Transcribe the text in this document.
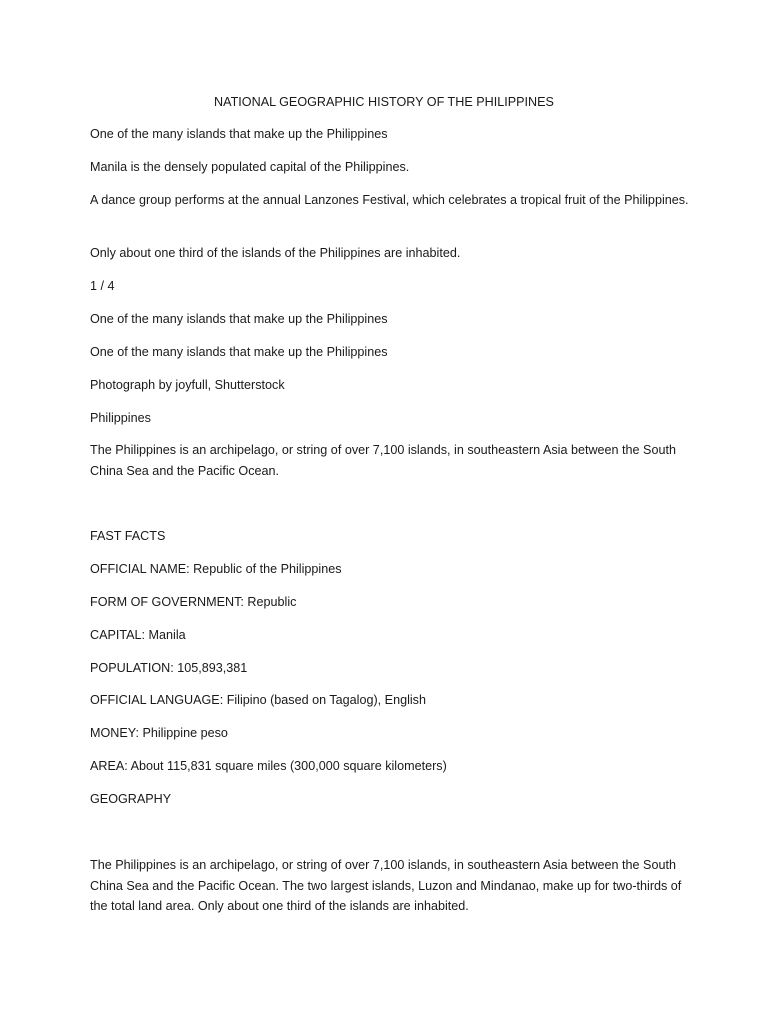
NATIONAL GEOGRAPHIC HISTORY OF THE PHILIPPINES

One of the many islands that make up the Philippines

Manila is the densely populated capital of the Philippines.

A dance group performs at the annual Lanzones Festival, which celebrates a tropical fruit of the Philippines.

Only about one third of the islands of the Philippines are inhabited.

1 / 4

One of the many islands that make up the Philippines

One of the many islands that make up the Philippines

Photograph by joyfull, Shutterstock

Philippines

The Philippines is an archipelago, or string of over 7,100 islands, in southeastern Asia between the South China Sea and the Pacific Ocean.

FAST FACTS

OFFICIAL NAME: Republic of the Philippines

FORM OF GOVERNMENT: Republic

CAPITAL: Manila

POPULATION: 105,893,381

OFFICIAL LANGUAGE: Filipino (based on Tagalog), English

MONEY: Philippine peso

AREA: About 115,831 square miles (300,000 square kilometers)

GEOGRAPHY

The Philippines is an archipelago, or string of over 7,100 islands, in southeastern Asia between the South China Sea and the Pacific Ocean. The two largest islands, Luzon and Mindanao, make up for two-thirds of the total land area. Only about one third of the islands are inhabited.
